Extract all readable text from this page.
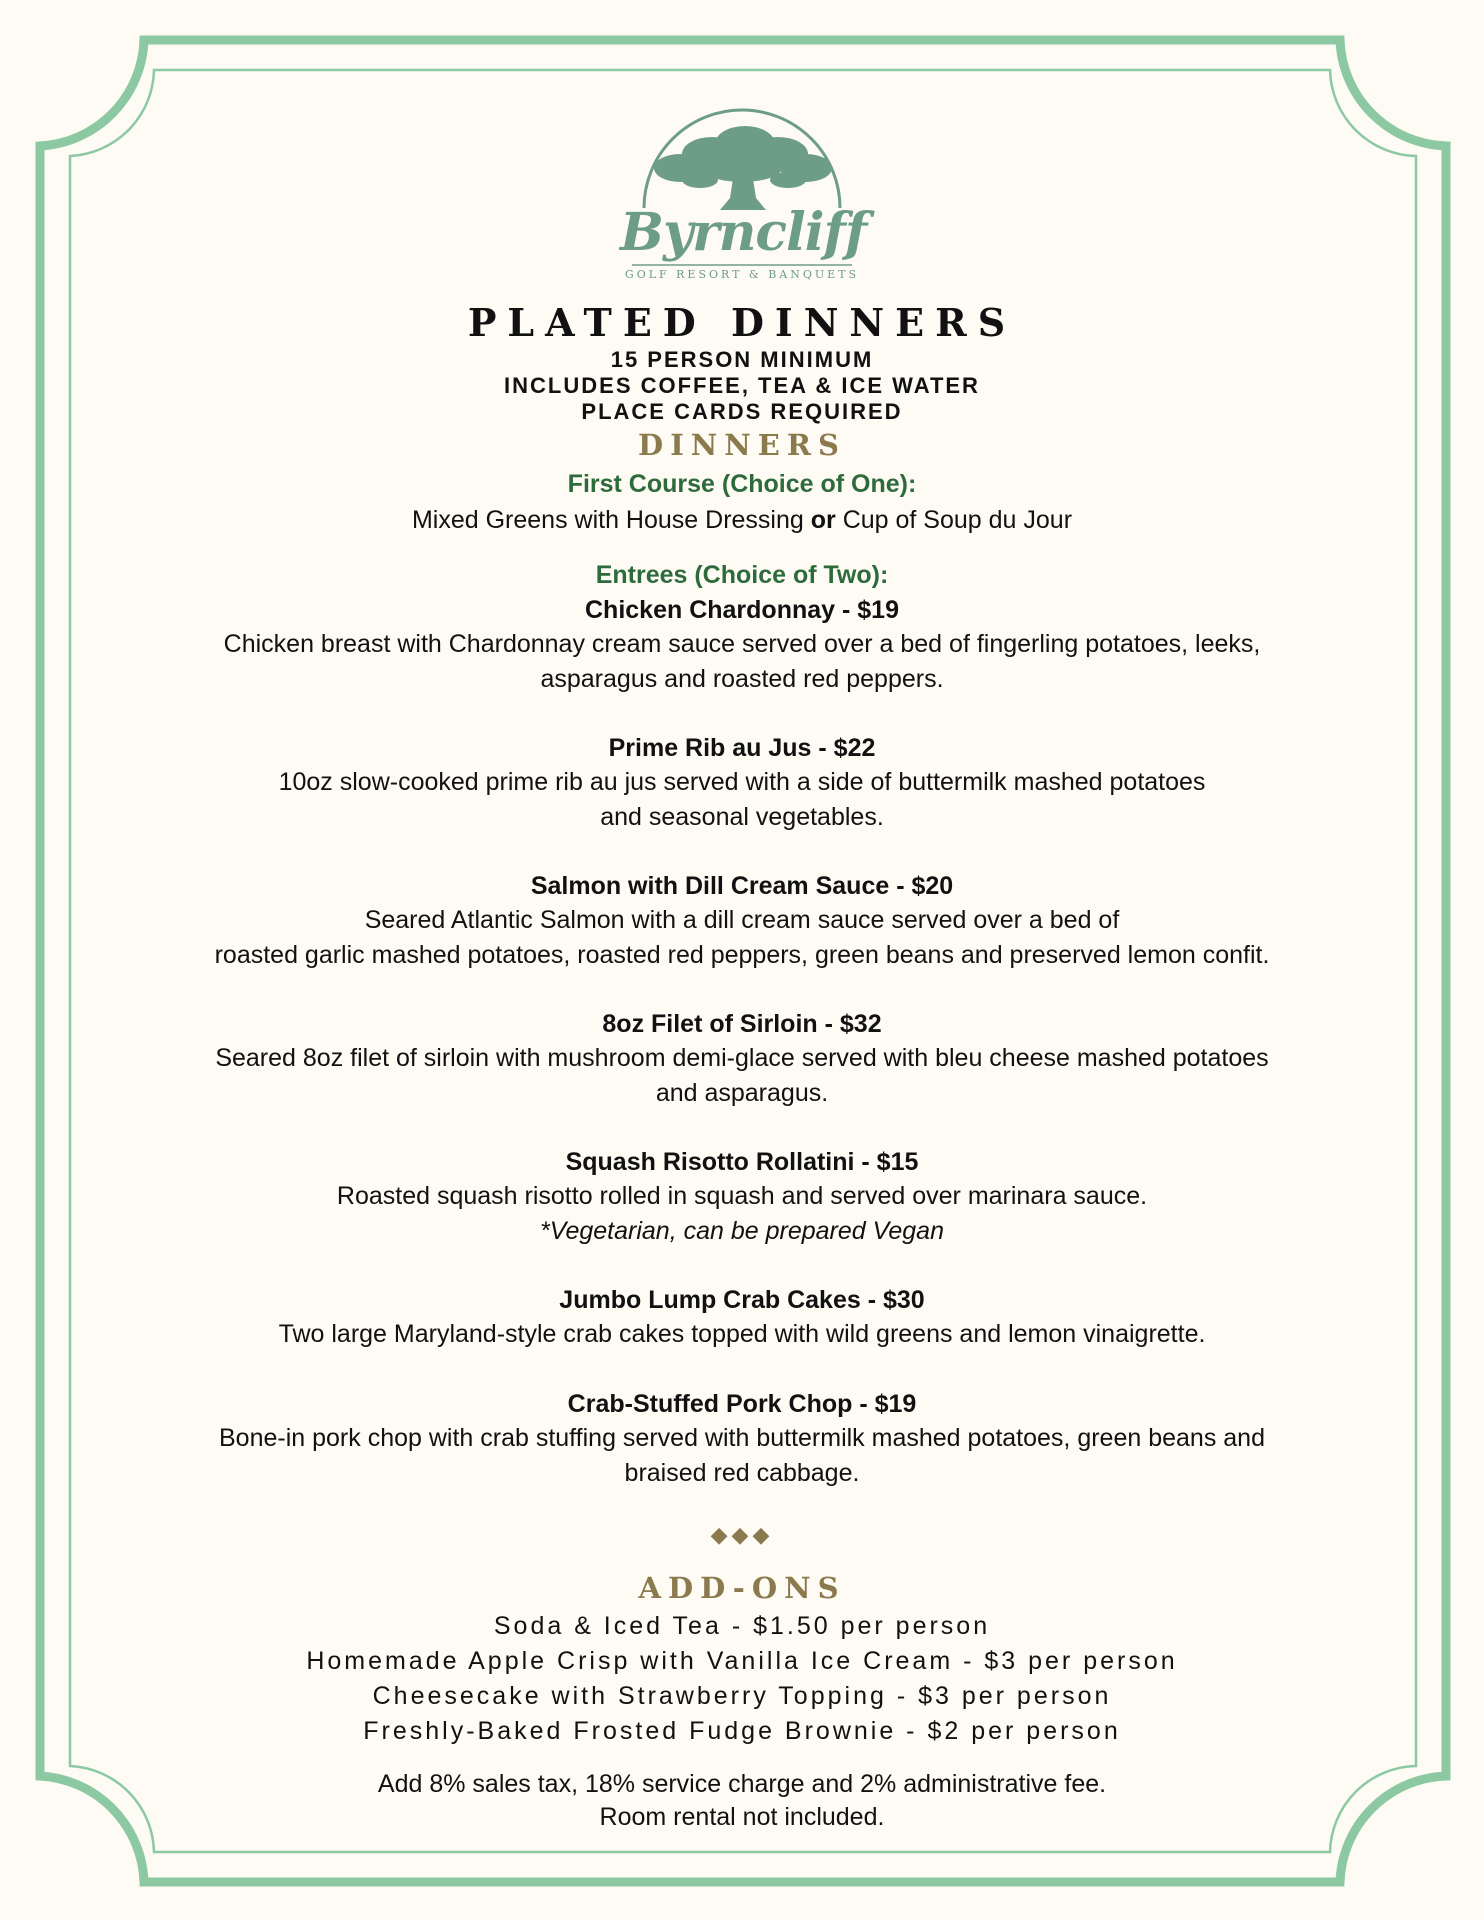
Byrncliff
GOLF RESORT & BANQUETS
PLATED DINNERS
15 PERSON MINIMUM
INCLUDES COFFEE, TEA & ICE WATER
PLACE CARDS REQUIRED
DINNERS
First Course (Choice of One):
Mixed Greens with House Dressing or Cup of Soup du Jour
Entrees (Choice of Two):
Chicken Chardonnay - $19
Chicken breast with Chardonnay cream sauce served over a bed of fingerling potatoes, leeks,
asparagus and roasted red peppers.
Prime Rib au Jus - $22
10oz slow-cooked prime rib au jus served with a side of buttermilk mashed potatoes
and seasonal vegetables.
Salmon with Dill Cream Sauce - $20
Seared Atlantic Salmon with a dill cream sauce served over a bed of
roasted garlic mashed potatoes, roasted red peppers, green beans and preserved lemon confit.
8oz Filet of Sirloin - $32
Seared 8oz filet of sirloin with mushroom demi-glace served with bleu cheese mashed potatoes
and asparagus.
Squash Risotto Rollatini - $15
Roasted squash risotto rolled in squash and served over marinara sauce.
*Vegetarian, can be prepared Vegan
Jumbo Lump Crab Cakes - $30
Two large Maryland-style crab cakes topped with wild greens and lemon vinaigrette.
Crab-Stuffed Pork Chop - $19
Bone-in pork chop with crab stuffing served with buttermilk mashed potatoes, green beans and
braised red cabbage.
◆◆◆
ADD-ONS
Soda & Iced Tea - $1.50 per person
Homemade Apple Crisp with Vanilla Ice Cream - $3 per person
Cheesecake with Strawberry Topping - $3 per person
Freshly-Baked Frosted Fudge Brownie - $2 per person
Add 8% sales tax, 18% service charge and 2% administrative fee.
Room rental not included.
